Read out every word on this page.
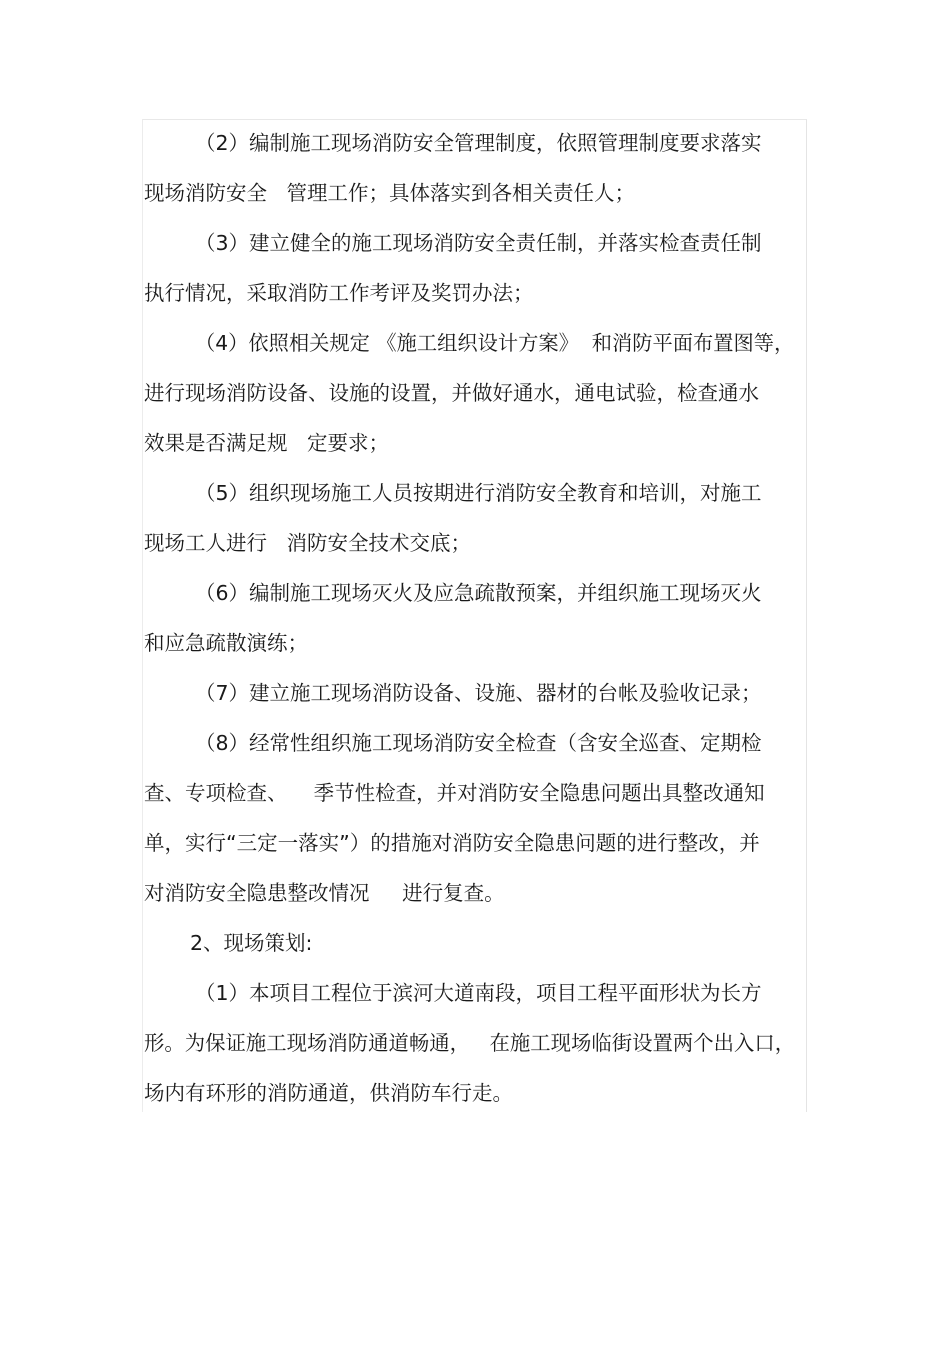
（2）编制施工现场消防安全管理制度，依照管理制度要求落实
现场消防安全   管理工作；具体落实到各相关责任人；
（3）建立健全的施工现场消防安全责任制，并落实检查责任制
执行情况，采取消防工作考评及奖罚办法；
（4）依照相关规定 《施工组织设计方案》  和消防平面布置图等，
进行现场消防设备、设施的设置，并做好通水，通电试验，检查通水
效果是否满足规   定要求；
（5）组织现场施工人员按期进行消防安全教育和培训，对施工
现场工人进行   消防安全技术交底；
（6）编制施工现场灭火及应急疏散预案，并组织施工现场灭火
和应急疏散演练；
（7）建立施工现场消防设备、设施、器材的台帐及验收记录；
（8）经常性组织施工现场消防安全检查（含安全巡查、定期检
查、专项检查、    季节性检查，并对消防安全隐患问题出具整改通知
单，实行“三定一落实”）的措施对消防安全隐患问题的进行整改，并
对消防安全隐患整改情况     进行复查。
2、现场策划:
（1）本项目工程位于滨河大道南段，项目工程平面形状为长方
形。为保证施工现场消防通道畅通，   在施工现场临街设置两个出入口，
场内有环形的消防通道，供消防车行走。
